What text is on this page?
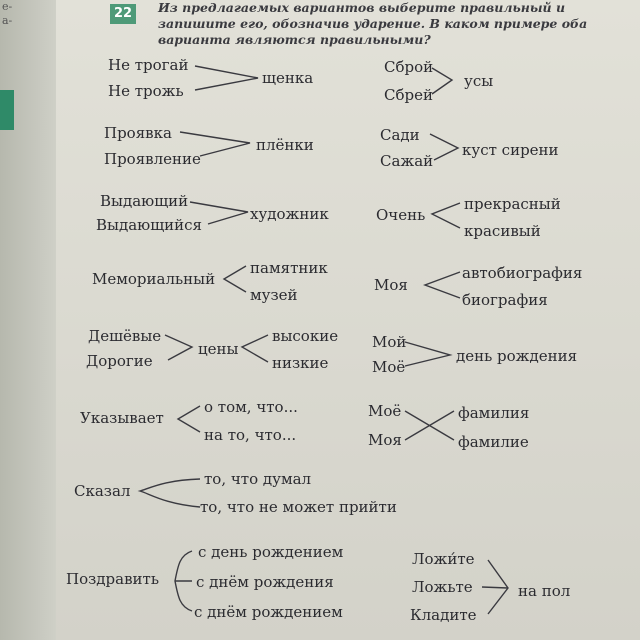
е-
а-	22	Из предлагаемых вариантов выберите правильный и запишите его, обозначив ударение. В каком примере оба варианта являются правильными?
Не трогай
Не трожь
щенка
Сброй
Сбрей
усы
Проявка
Проявление
плёнки
Сади
Сажай
куст сирени
Выдающий
Выдающийся
художник	Очень
прекрасный
красивый
Мемориальный
памятник
музей
Моя
автобиография
биография
Дешёвые
Дорогие
цены
высокие
низкие
Мой
Моё
день рождения
Указывает
о том, что...
на то, что...
Моё
Моя
фамилия
фамилие
Сказал
то, что думал
то, что не может прийти
Поздравить
с день рождением
с днём рождения
с днём рождением
Ложи́те
Ложьте
Кладите
на пол
